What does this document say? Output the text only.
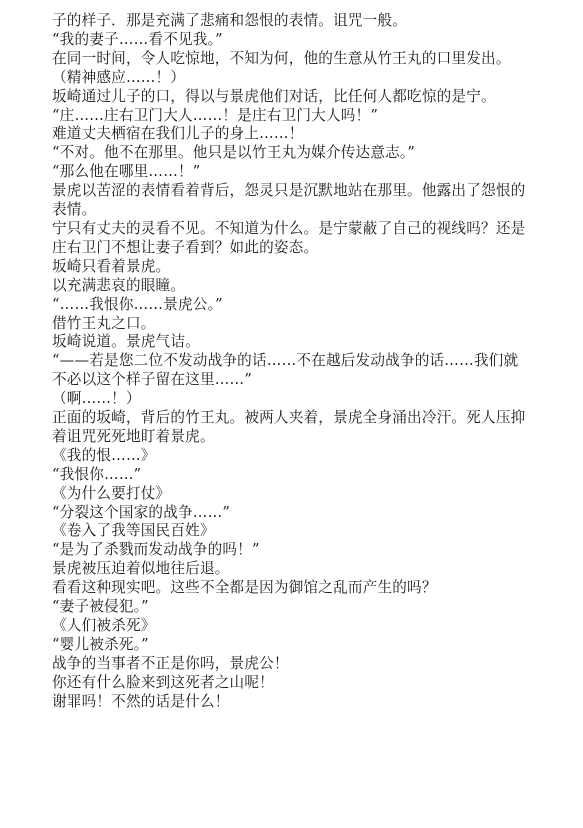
子的样子．那是充满了悲痛和怨恨的表情。诅咒一般。

“我的妻子……看不见我。”

在同一时间，令人吃惊地，不知为何，他的生意从竹王丸的口里发出。

（精神感应……！）

坂崎通过儿子的口，得以与景虎他们对话，比任何人都吃惊的是宁。

“庄……庄右卫门大人……！是庄右卫门大人吗！”

难道丈夫栖宿在我们儿子的身上……！

“不对。他不在那里。他只是以竹王丸为媒介传达意志。”

“那么他在哪里……！”

景虎以苦涩的表情看着背后，怨灵只是沉默地站在那里。他露出了怨恨的表情。

宁只有丈夫的灵看不见。不知道为什么。是宁蒙蔽了自己的视线吗？还是庄右卫门不想让妻子看到？如此的姿态。

坂崎只看着景虎。

以充满悲哀的眼瞳。

“……我恨你……景虎公。”

借竹王丸之口。

坂崎说道。景虎气诘。

“——若是您二位不发动战争的话……不在越后发动战争的话……我们就不必以这个样子留在这里……”

（啊……！）

正面的坂崎，背后的竹王丸。被两人夹着，景虎全身涌出冷汗。死人压抑着诅咒死死地盯着景虎。

《我的恨……》

“我恨你……”

《为什么要打仗》

“分裂这个国家的战争……”

《卷入了我等国民百姓》

“是为了杀戮而发动战争的吗！”

景虎被压迫着似地往后退。

看看这种现实吧。这些不全都是因为御馆之乱而产生的吗？

“妻子被侵犯。”

《人们被杀死》

“婴儿被杀死。”

战争的当事者不正是你吗，景虎公！

你还有什么脸来到这死者之山呢！

谢罪吗！不然的话是什么！
